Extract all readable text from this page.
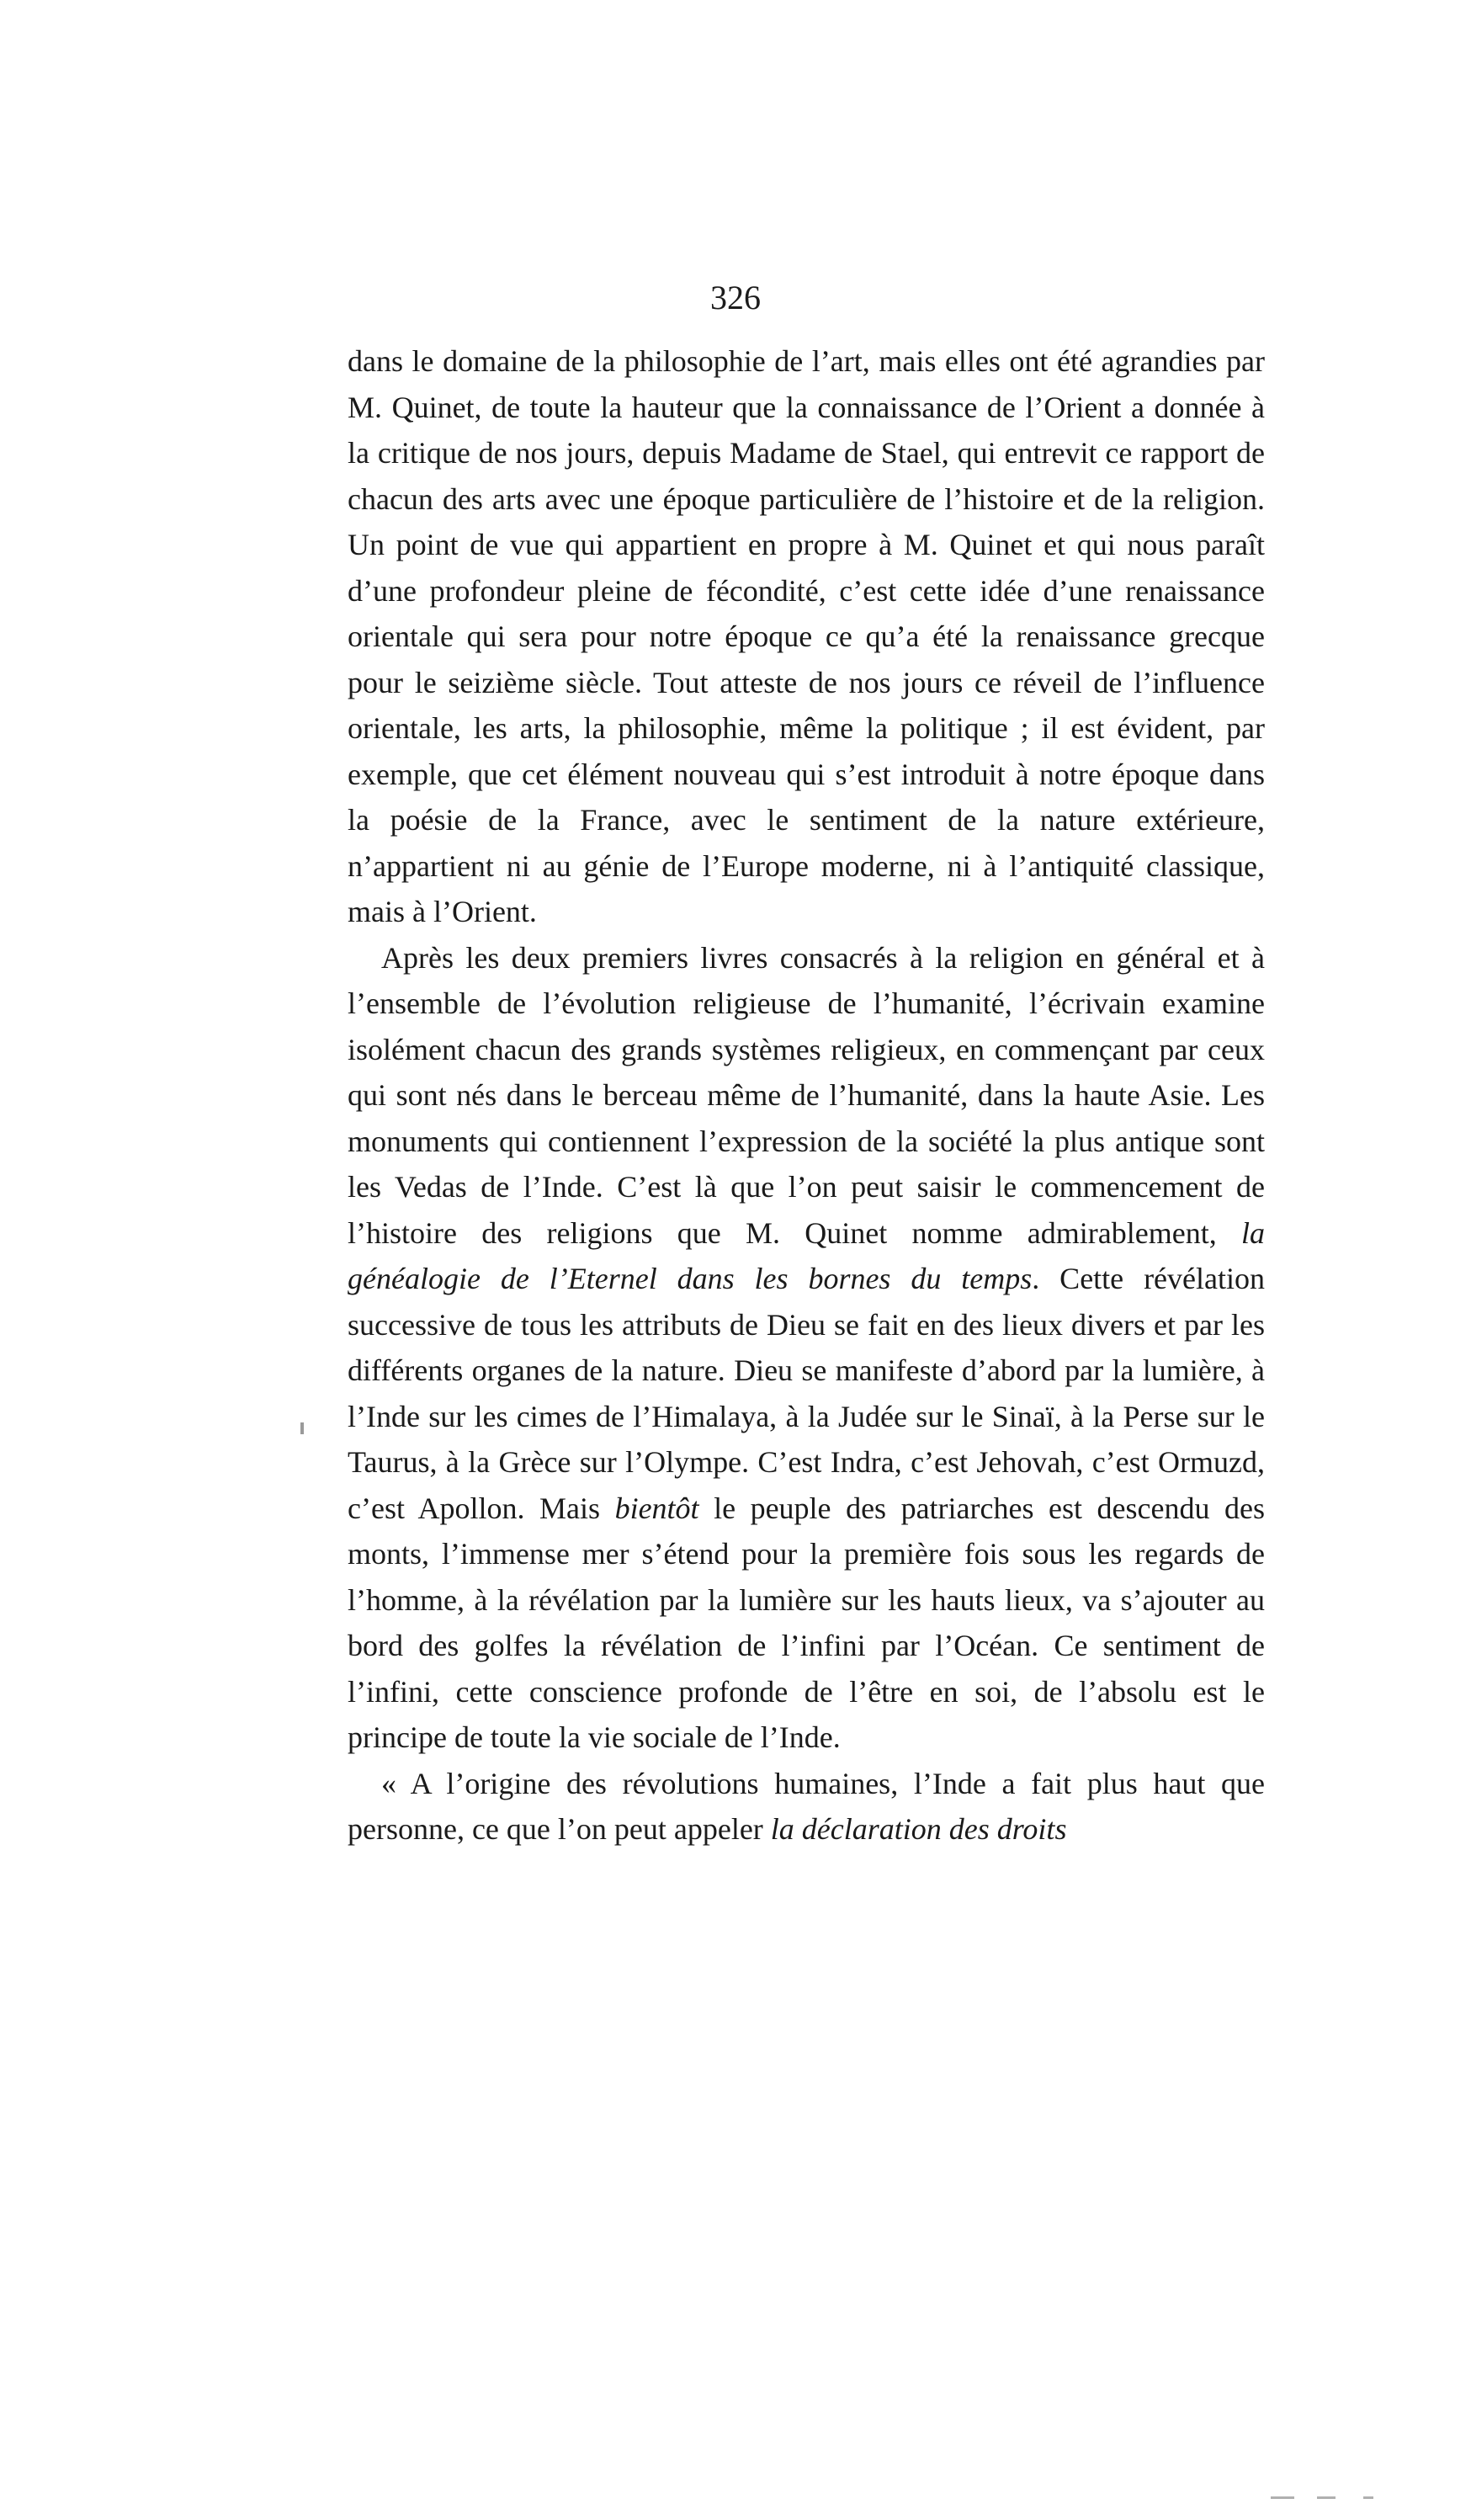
326

dans le domaine de la philosophie de l’art, mais elles ont été agrandies par M. Quinet, de toute la hauteur que la connaissance de l’Orient a donnée à la critique de nos jours, depuis Madame de Stael, qui entrevit ce rapport de chacun des arts avec une époque particulière de l’histoire et de la religion. Un point de vue qui appartient en propre à M. Quinet et qui nous paraît d’une profondeur pleine de fécondité, c’est cette idée d’une renaissance orientale qui sera pour notre époque ce qu’a été la renaissance grecque pour le seizième siècle. Tout atteste de nos jours ce réveil de l’influence orientale, les arts, la philosophie, même la politique ; il est évident, par exemple, que cet élément nouveau qui s’est introduit à notre époque dans la poésie de la France, avec le sentiment de la nature extérieure, n’appartient ni au génie de l’Europe moderne, ni à l’antiquité classique, mais à l’Orient.

Après les deux premiers livres consacrés à la religion en général et à l’ensemble de l’évolution religieuse de l’humanité, l’écrivain examine isolément chacun des grands systèmes religieux, en commençant par ceux qui sont nés dans le berceau même de l’humanité, dans la haute Asie. Les monuments qui contiennent l’expression de la société la plus antique sont les Vedas de l’Inde. C’est là que l’on peut saisir le commencement de l’histoire des religions que M. Quinet nomme admirablement, la généalogie de l’Eternel dans les bornes du temps. Cette révélation successive de tous les attributs de Dieu se fait en des lieux divers et par les différents organes de la nature. Dieu se manifeste d’abord par la lumière, à l’Inde sur les cimes de l’Himalaya, à la Judée sur le Sinaï, à la Perse sur le Taurus, à la Grèce sur l’Olympe. C’est Indra, c’est Jehovah, c’est Ormuzd, c’est Apollon. Mais bientôt le peuple des patriarches est descendu des monts, l’immense mer s’étend pour la première fois sous les regards de l’homme, à la révélation par la lumière sur les hauts lieux, va s’ajouter au bord des golfes la révélation de l’infini par l’Océan. Ce sentiment de l’infini, cette conscience profonde de l’être en soi, de l’absolu est le principe de toute la vie sociale de l’Inde.

« A l’origine des révolutions humaines, l’Inde a fait plus haut que personne, ce que l’on peut appeler la déclaration des droits
